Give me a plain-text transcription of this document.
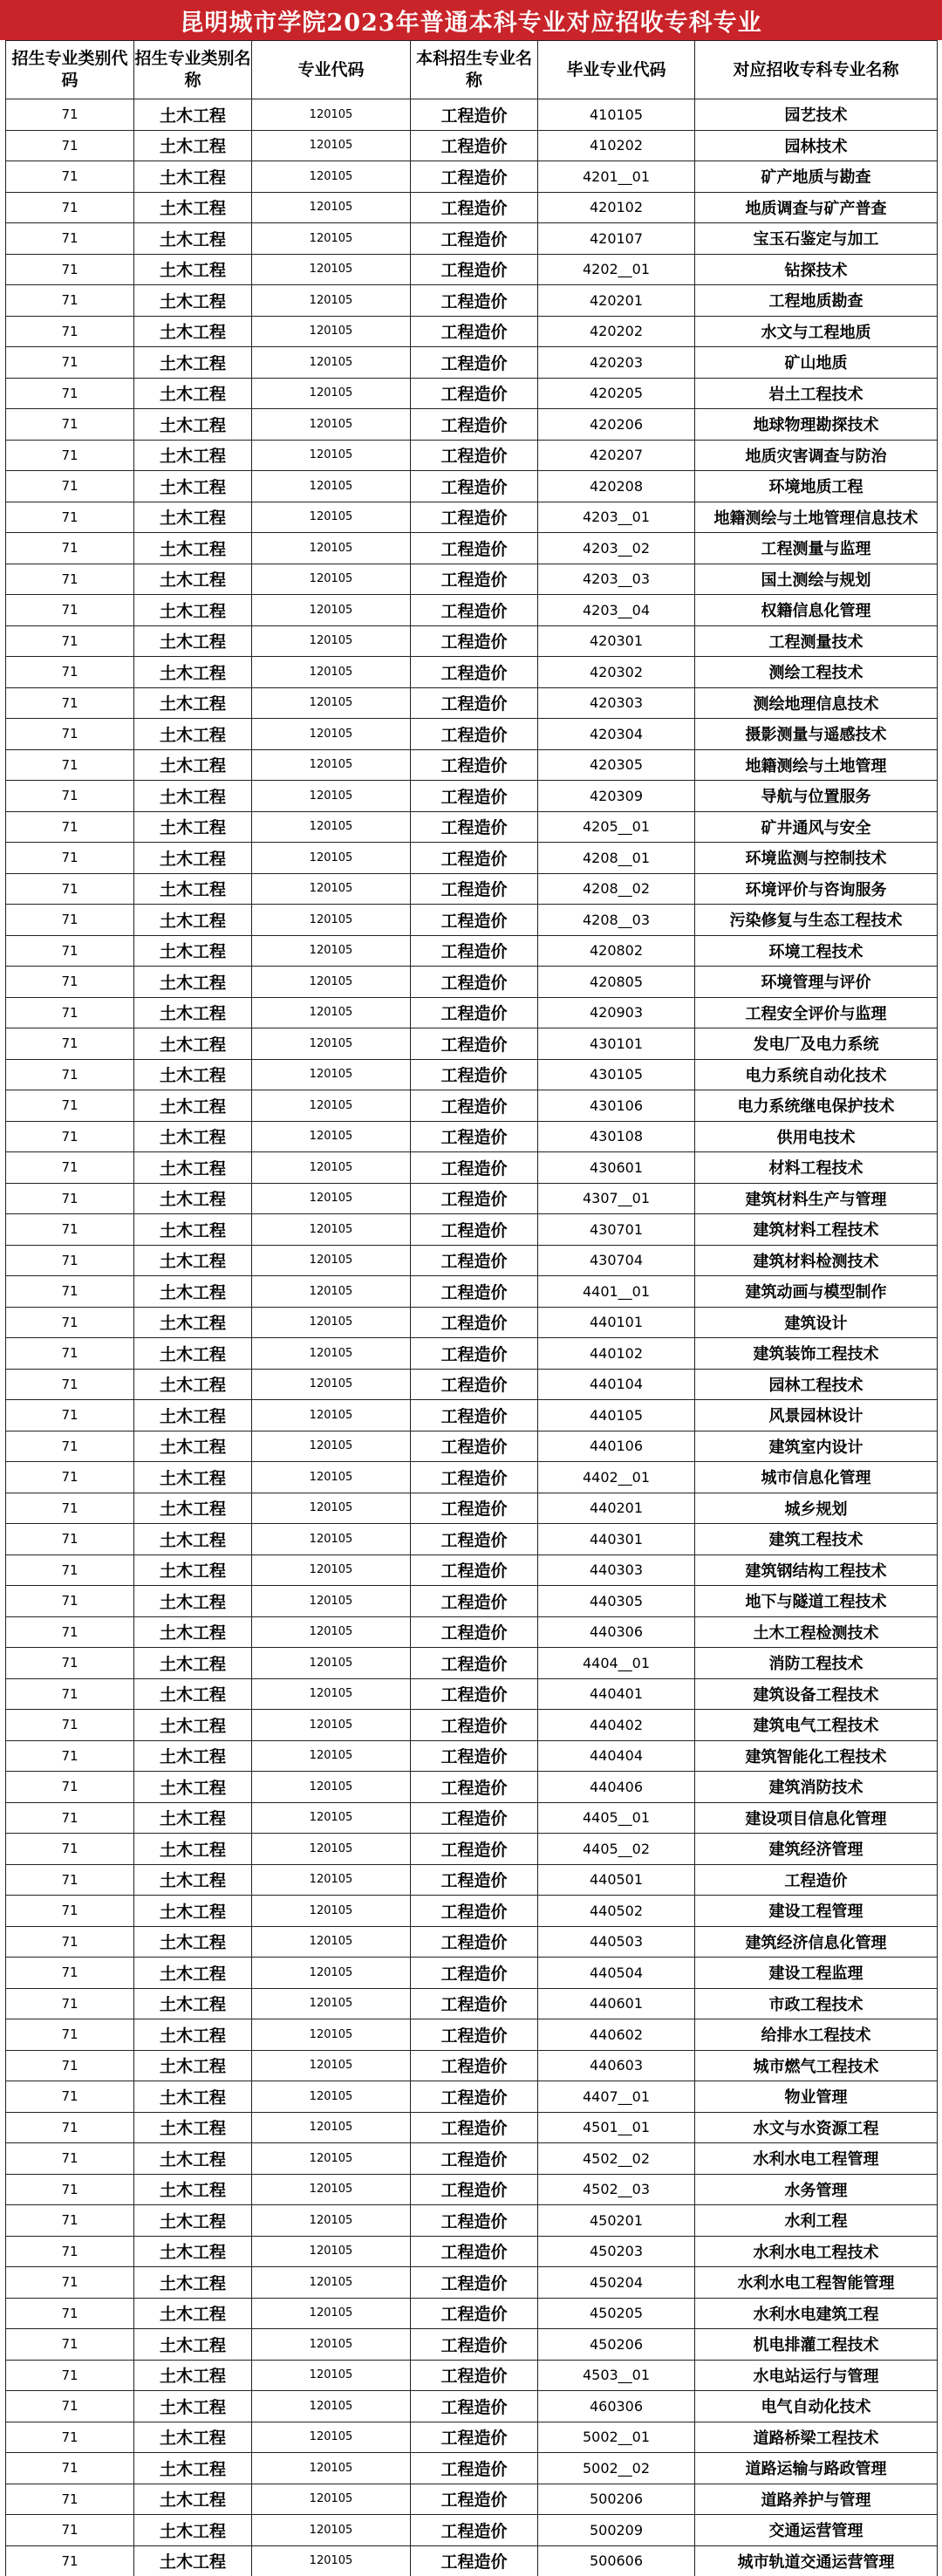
昆明城市学院2023年普通本科专业对应招收专科专业
招生专业类别代码	招生专业类别名称	专业代码	本科招生专业名称	毕业专业代码	对应招收专科专业名称
71	土木工程	120105	工程造价	410105	园艺技术
71	土木工程	120105	工程造价	410202	园林技术
71	土木工程	120105	工程造价	4201__01	矿产地质与勘查
71	土木工程	120105	工程造价	420102	地质调查与矿产普查
71	土木工程	120105	工程造价	420107	宝玉石鉴定与加工
71	土木工程	120105	工程造价	4202__01	钻探技术
71	土木工程	120105	工程造价	420201	工程地质勘查
71	土木工程	120105	工程造价	420202	水文与工程地质
71	土木工程	120105	工程造价	420203	矿山地质
71	土木工程	120105	工程造价	420205	岩土工程技术
71	土木工程	120105	工程造价	420206	地球物理勘探技术
71	土木工程	120105	工程造价	420207	地质灾害调查与防治
71	土木工程	120105	工程造价	420208	环境地质工程
71	土木工程	120105	工程造价	4203__01	地籍测绘与土地管理信息技术
71	土木工程	120105	工程造价	4203__02	工程测量与监理
71	土木工程	120105	工程造价	4203__03	国土测绘与规划
71	土木工程	120105	工程造价	4203__04	权籍信息化管理
71	土木工程	120105	工程造价	420301	工程测量技术
71	土木工程	120105	工程造价	420302	测绘工程技术
71	土木工程	120105	工程造价	420303	测绘地理信息技术
71	土木工程	120105	工程造价	420304	摄影测量与遥感技术
71	土木工程	120105	工程造价	420305	地籍测绘与土地管理
71	土木工程	120105	工程造价	420309	导航与位置服务
71	土木工程	120105	工程造价	4205__01	矿井通风与安全
71	土木工程	120105	工程造价	4208__01	环境监测与控制技术
71	土木工程	120105	工程造价	4208__02	环境评价与咨询服务
71	土木工程	120105	工程造价	4208__03	污染修复与生态工程技术
71	土木工程	120105	工程造价	420802	环境工程技术
71	土木工程	120105	工程造价	420805	环境管理与评价
71	土木工程	120105	工程造价	420903	工程安全评价与监理
71	土木工程	120105	工程造价	430101	发电厂及电力系统
71	土木工程	120105	工程造价	430105	电力系统自动化技术
71	土木工程	120105	工程造价	430106	电力系统继电保护技术
71	土木工程	120105	工程造价	430108	供用电技术
71	土木工程	120105	工程造价	430601	材料工程技术
71	土木工程	120105	工程造价	4307__01	建筑材料生产与管理
71	土木工程	120105	工程造价	430701	建筑材料工程技术
71	土木工程	120105	工程造价	430704	建筑材料检测技术
71	土木工程	120105	工程造价	4401__01	建筑动画与模型制作
71	土木工程	120105	工程造价	440101	建筑设计
71	土木工程	120105	工程造价	440102	建筑装饰工程技术
71	土木工程	120105	工程造价	440104	园林工程技术
71	土木工程	120105	工程造价	440105	风景园林设计
71	土木工程	120105	工程造价	440106	建筑室内设计
71	土木工程	120105	工程造价	4402__01	城市信息化管理
71	土木工程	120105	工程造价	440201	城乡规划
71	土木工程	120105	工程造价	440301	建筑工程技术
71	土木工程	120105	工程造价	440303	建筑钢结构工程技术
71	土木工程	120105	工程造价	440305	地下与隧道工程技术
71	土木工程	120105	工程造价	440306	土木工程检测技术
71	土木工程	120105	工程造价	4404__01	消防工程技术
71	土木工程	120105	工程造价	440401	建筑设备工程技术
71	土木工程	120105	工程造价	440402	建筑电气工程技术
71	土木工程	120105	工程造价	440404	建筑智能化工程技术
71	土木工程	120105	工程造价	440406	建筑消防技术
71	土木工程	120105	工程造价	4405__01	建设项目信息化管理
71	土木工程	120105	工程造价	4405__02	建筑经济管理
71	土木工程	120105	工程造价	440501	工程造价
71	土木工程	120105	工程造价	440502	建设工程管理
71	土木工程	120105	工程造价	440503	建筑经济信息化管理
71	土木工程	120105	工程造价	440504	建设工程监理
71	土木工程	120105	工程造价	440601	市政工程技术
71	土木工程	120105	工程造价	440602	给排水工程技术
71	土木工程	120105	工程造价	440603	城市燃气工程技术
71	土木工程	120105	工程造价	4407__01	物业管理
71	土木工程	120105	工程造价	4501__01	水文与水资源工程
71	土木工程	120105	工程造价	4502__02	水利水电工程管理
71	土木工程	120105	工程造价	4502__03	水务管理
71	土木工程	120105	工程造价	450201	水利工程
71	土木工程	120105	工程造价	450203	水利水电工程技术
71	土木工程	120105	工程造价	450204	水利水电工程智能管理
71	土木工程	120105	工程造价	450205	水利水电建筑工程
71	土木工程	120105	工程造价	450206	机电排灌工程技术
71	土木工程	120105	工程造价	4503__01	水电站运行与管理
71	土木工程	120105	工程造价	460306	电气自动化技术
71	土木工程	120105	工程造价	5002__01	道路桥梁工程技术
71	土木工程	120105	工程造价	5002__02	道路运输与路政管理
71	土木工程	120105	工程造价	500206	道路养护与管理
71	土木工程	120105	工程造价	500209	交通运营管理
71	土木工程	120105	工程造价	500606	城市轨道交通运营管理
